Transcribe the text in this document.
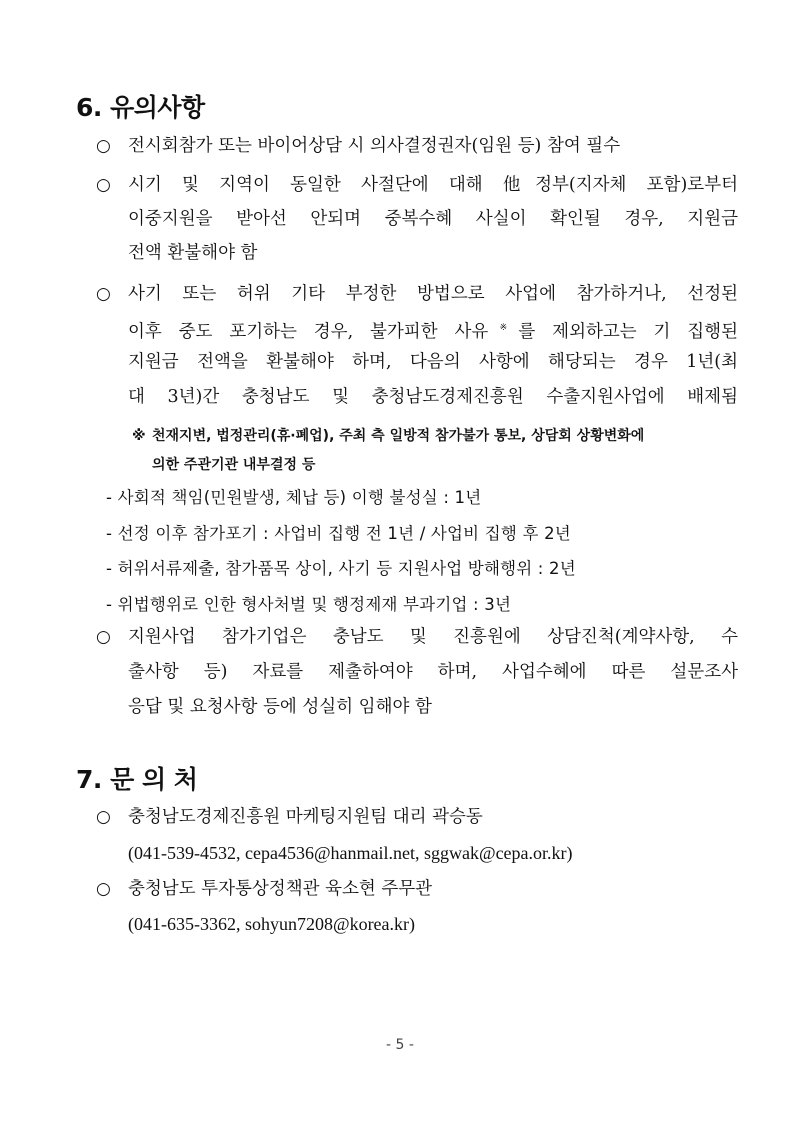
6. 유의사항
○ 전시회참가 또는 바이어상담 시 의사결정권자(임원 등) 참여 필수
○ 시기 및 지역이 동일한 사절단에 대해 他정부(지자체 포함)로부터
이중지원을 받아선 안되며 중복수혜 사실이 확인될 경우, 지원금
전액 환불해야 함
○ 사기 또는 허위 기타 부정한 방법으로 사업에 참가하거나, 선정된
이후 중도 포기하는 경우, 불가피한 사유※를 제외하고는 기 집행된
지원금 전액을 환불해야 하며, 다음의 사항에 해당되는 경우 1년(최
대 3년)간 충청남도 및 충청남도경제진흥원 수출지원사업에 배제됨
※ 천재지변, 법정관리(휴·폐업), 주최 측 일방적 참가불가 통보, 상담회 상황변화에
의한 주관기관 내부결정 등
- 사회적 책임(민원발생, 체납 등) 이행 불성실 : 1년
- 선정 이후 참가포기 : 사업비 집행 전 1년 / 사업비 집행 후 2년
- 허위서류제출, 참가품목 상이, 사기 등 지원사업 방해행위 : 2년
- 위법행위로 인한 형사처벌 및 행정제재 부과기업 : 3년
○ 지원사업 참가기업은 충남도 및 진흥원에 상담진척(계약사항, 수
출사항 등) 자료를 제출하여야 하며, 사업수혜에 따른 설문조사
응답 및 요청사항 등에 성실히 임해야 함
7. 문 의 처
○ 충청남도경제진흥원 마케팅지원팀 대리 곽승동
(041-539-4532, cepa4536@hanmail.net, sggwak@cepa.or.kr)
○ 충청남도 투자통상정책관 육소현 주무관
(041-635-3362, sohyun7208@korea.kr)
- 5 -
